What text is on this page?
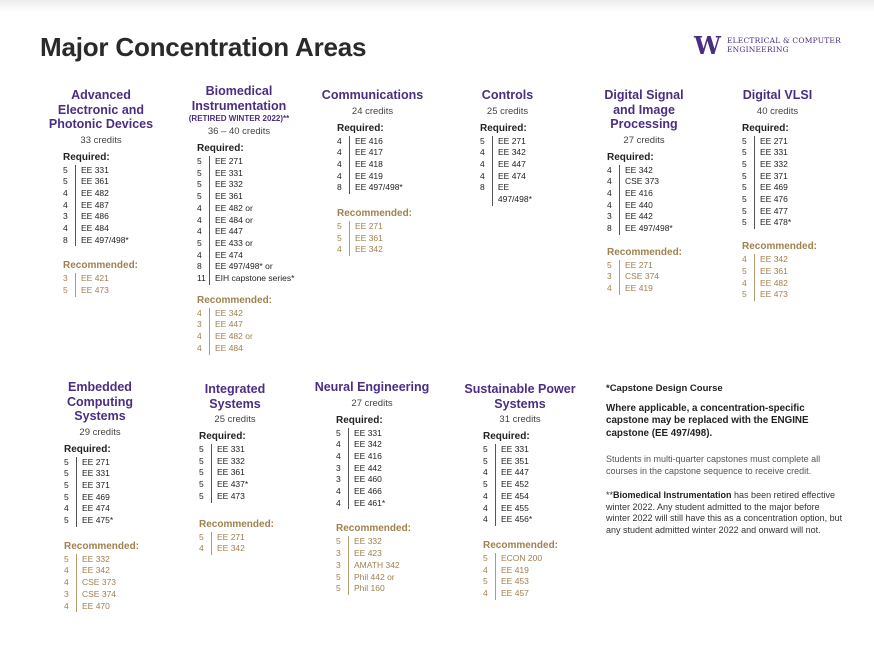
Major Concentration Areas	W ELECTRICAL & COMPUTER
ENGINEERING
Advanced
Electronic and
Photonic Devices
33 credits
Required:
5	EE 331
5	EE 361
4	EE 482
4	EE 487
3	EE 486
4	EE 484
8	EE 497/498*
Recommended:
3	EE 421
5	EE 473
Biomedical
Instrumentation
(RETIRED WINTER 2022)**
36 – 40 credits
Required:
5	EE 271
5	EE 331
5	EE 332
5	EE 361
4	EE 482 or
4	EE 484 or
4	EE 447
5	EE 433 or
4	EE 474
8	EE 497/498* or
11	EIH capstone series*
Recommended:
4	EE 342
3	EE 447
4	EE 482 or
4	EE 484
Communications
24 credits
Required:
4	EE 416
4	EE 417
4	EE 418
4	EE 419
8	EE 497/498*
Recommended:
5	EE 271
5	EE 361
4	EE 342
Controls
25 credits
Required:
5	EE 271
4	EE 342
4	EE 447
4	EE 474
8	EE 497/498*
Digital Signal
and Image
Processing
27 credits
Required:
4	EE 342
4	CSE 373
4	EE 416
4	EE 440
3	EE 442
8	EE 497/498*
Recommended:
5	EE 271
3	CSE 374
4	EE 419
Digital VLSI
40 credits
Required:
5	EE 271
5	EE 331
5	EE 332
5	EE 371
5	EE 469
5	EE 476
5	EE 477
5	EE 478*
Recommended:
4	EE 342
5	EE 361
4	EE 482
5	EE 473
Embedded
Computing
Systems
29 credits
Required:
5	EE 271
5	EE 331
5	EE 371
5	EE 469
4	EE 474
5	EE 475*
Recommended:
5	EE 332
4	EE 342
4	CSE 373
3	CSE 374
4	EE 470
Integrated
Systems
25 credits
Required:
5	EE 331
5	EE 332
5	EE 361
5	EE 437*
5	EE 473
Recommended:
5	EE 271
4	EE 342
Neural Engineering
27 credits
Required:
5	EE 331
4	EE 342
4	EE 416
3	EE 442
3	EE 460
4	EE 466
4	EE 461*
Recommended:
5	EE 332
3	EE 423
3	AMATH 342
5	Phil 442 or
5	Phil 160
Sustainable Power
Systems
31 credits
Required:
5	EE 331
5	EE 351
4	EE 447
5	EE 452
4	EE 454
4	EE 455
4	EE 456*
Recommended:
5	ECON 200
4	EE 419
5	EE 453
4	EE 457
*Capstone Design Course
Where applicable, a concentration-specific capstone may be replaced with the ENGINE capstone (EE 497/498).
Students in multi-quarter capstones must complete all courses in the capstone sequence to receive credit.
**Biomedical Instrumentation has been retired effective winter 2022. Any student admitted to the major before winter 2022 will still have this as a concentration option, but any student admitted winter 2022 and onward will not.
